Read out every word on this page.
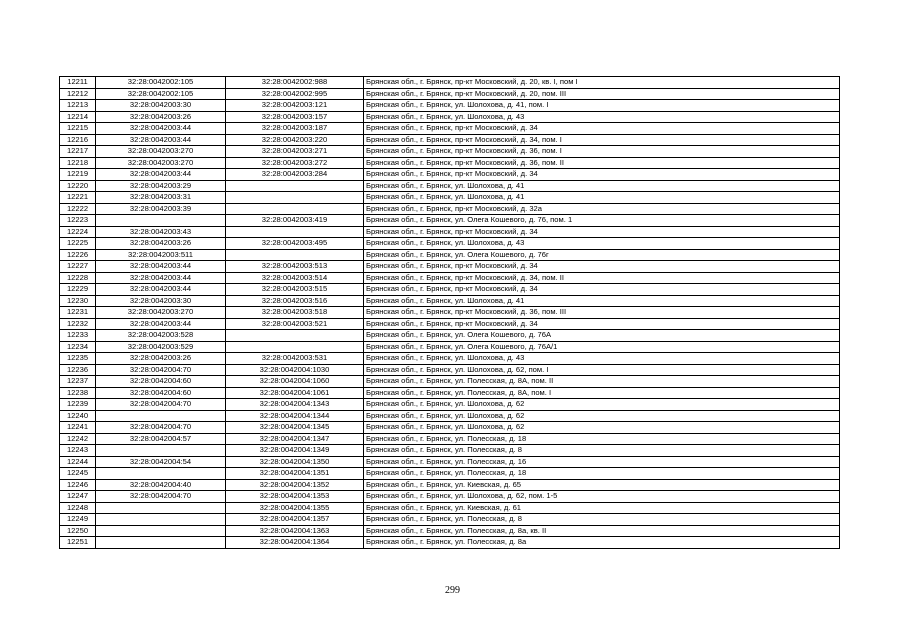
12211	32:28:0042002:105	32:28:0042002:988	Брянская обл., г. Брянск, пр-кт Московский, д. 20, кв. I, пом I
12212	32:28:0042002:105	32:28:0042002:995	Брянская обл., г. Брянск, пр-кт Московский, д. 20, пом. III
12213	32:28:0042003:30	32:28:0042003:121	Брянская обл., г. Брянск, ул. Шолохова, д. 41, пом. I
12214	32:28:0042003:26	32:28:0042003:157	Брянская обл., г. Брянск, ул. Шолохова, д. 43
12215	32:28:0042003:44	32:28:0042003:187	Брянская обл., г. Брянск, пр-кт Московский, д. 34
12216	32:28:0042003:44	32:28:0042003:220	Брянская обл., г. Брянск, пр-кт Московский, д. 34, пом. I
12217	32:28:0042003:270	32:28:0042003:271	Брянская обл., г. Брянск, пр-кт Московский, д. 36, пом. I
12218	32:28:0042003:270	32:28:0042003:272	Брянская обл., г. Брянск, пр-кт Московский, д. 36, пом. II
12219	32:28:0042003:44	32:28:0042003:284	Брянская обл., г. Брянск, пр-кт Московский, д. 34
12220	32:28:0042003:29		Брянская обл., г. Брянск, ул. Шолохова, д. 41
12221	32:28:0042003:31		Брянская обл., г. Брянск, ул. Шолохова, д. 41
12222	32:28:0042003:39		Брянская обл., г. Брянск, пр-кт Московский, д. 32а
12223		32:28:0042003:419	Брянская обл., г. Брянск, ул. Олега Кошевого, д. 76, пом. 1
12224	32:28:0042003:43		Брянская обл., г. Брянск, пр-кт Московский, д. 34
12225	32:28:0042003:26	32:28:0042003:495	Брянская обл., г. Брянск, ул. Шолохова, д. 43
12226	32:28:0042003:511		Брянская обл., г. Брянск, ул. Олега Кошевого, д. 76г
12227	32:28:0042003:44	32:28:0042003:513	Брянская обл., г. Брянск, пр-кт Московский, д. 34
12228	32:28:0042003:44	32:28:0042003:514	Брянская обл., г. Брянск, пр-кт Московский, д. 34, пом. II
12229	32:28:0042003:44	32:28:0042003:515	Брянская обл., г. Брянск, пр-кт Московский, д. 34
12230	32:28:0042003:30	32:28:0042003:516	Брянская обл., г. Брянск, ул. Шолохова, д. 41
12231	32:28:0042003:270	32:28:0042003:518	Брянская обл., г. Брянск, пр-кт Московский, д. 36, пом. III
12232	32:28:0042003:44	32:28:0042003:521	Брянская обл., г. Брянск, пр-кт Московский, д. 34
12233	32:28:0042003:528		Брянская обл., г. Брянск, ул. Олега Кошевого, д. 76А
12234	32:28:0042003:529		Брянская обл., г. Брянск, ул. Олега Кошевого, д. 76А/1
12235	32:28:0042003:26	32:28:0042003:531	Брянская обл., г. Брянск, ул. Шолохова, д. 43
12236	32:28:0042004:70	32:28:0042004:1030	Брянская обл., г. Брянск, ул. Шолохова, д. 62, пом. I
12237	32:28:0042004:60	32:28:0042004:1060	Брянская обл., г. Брянск, ул. Полесская, д. 8А, пом. II
12238	32:28:0042004:60	32:28:0042004:1061	Брянская обл., г. Брянск, ул. Полесская, д. 8А, пом. I
12239	32:28:0042004:70	32:28:0042004:1343	Брянская обл., г. Брянск, ул. Шолохова, д. 62
12240		32:28:0042004:1344	Брянская обл., г. Брянск, ул. Шолохова, д. 62
12241	32:28:0042004:70	32:28:0042004:1345	Брянская обл., г. Брянск, ул. Шолохова, д. 62
12242	32:28:0042004:57	32:28:0042004:1347	Брянская обл., г. Брянск, ул. Полесская, д. 18
12243		32:28:0042004:1349	Брянская обл., г. Брянск, ул. Полесская, д. 8
12244	32:28:0042004:54	32:28:0042004:1350	Брянская обл., г. Брянск, ул. Полесская, д. 16
12245		32:28:0042004:1351	Брянская обл., г. Брянск, ул. Полесская, д. 18
12246	32:28:0042004:40	32:28:0042004:1352	Брянская обл., г. Брянск, ул. Киевская, д. 65
12247	32:28:0042004:70	32:28:0042004:1353	Брянская обл., г. Брянск, ул. Шолохова, д. 62, пом. 1-5
12248		32:28:0042004:1355	Брянская обл., г. Брянск, ул. Киевская, д. 61
12249		32:28:0042004:1357	Брянская обл., г. Брянск, ул. Полесская, д. 8
12250		32:28:0042004:1363	Брянская обл., г. Брянск, ул. Полесская, д. 8а, кв. II
12251		32:28:0042004:1364	Брянская обл., г. Брянск, ул. Полесская, д. 8а
299
